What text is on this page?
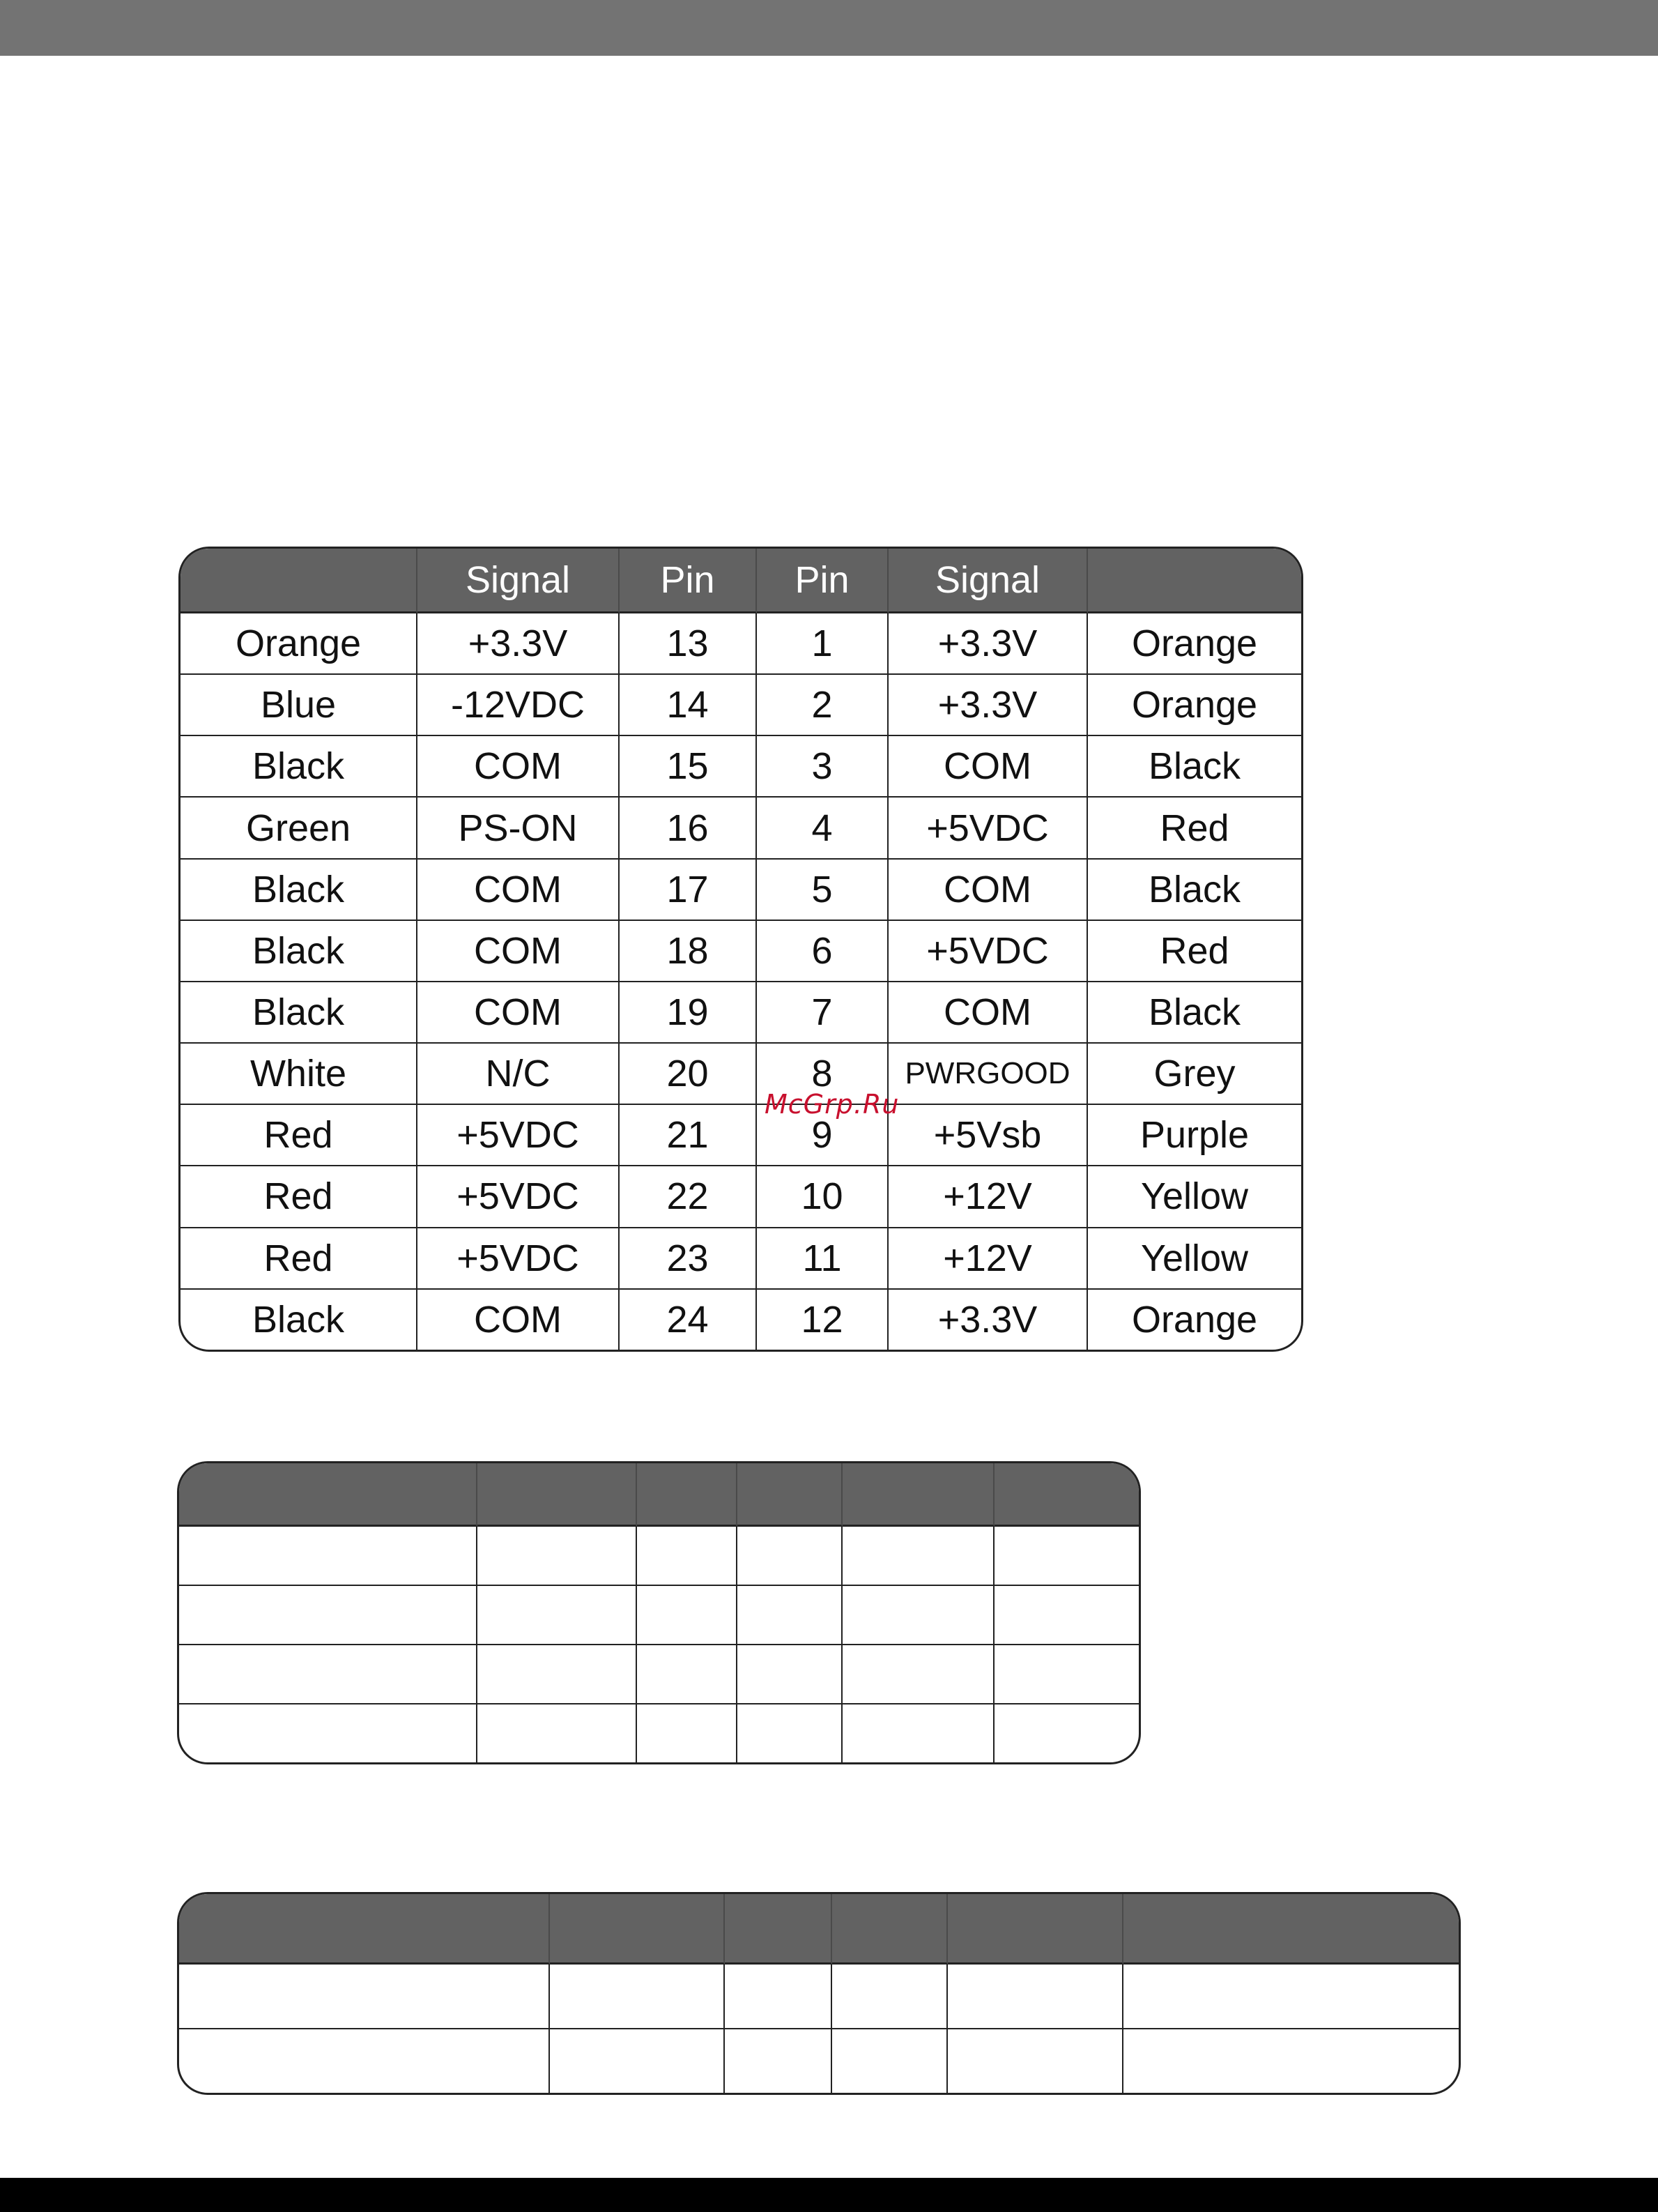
	Signal	Pin	Pin	Signal	
Orange	+3.3V	13	1	+3.3V	Orange
Blue	-12VDC	14	2	+3.3V	Orange
Black	COM	15	3	COM	Black
Green	PS-ON	16	4	+5VDC	Red
Black	COM	17	5	COM	Black
Black	COM	18	6	+5VDC	Red
Black	COM	19	7	COM	Black
White	N/C	20	8	PWRGOOD	Grey
Red	+5VDC	21	9	+5Vsb	Purple
Red	+5VDC	22	10	+12V	Yellow
Red	+5VDC	23	11	+12V	Yellow
Black	COM	24	12	+3.3V	Orange
McGrp.Ru
